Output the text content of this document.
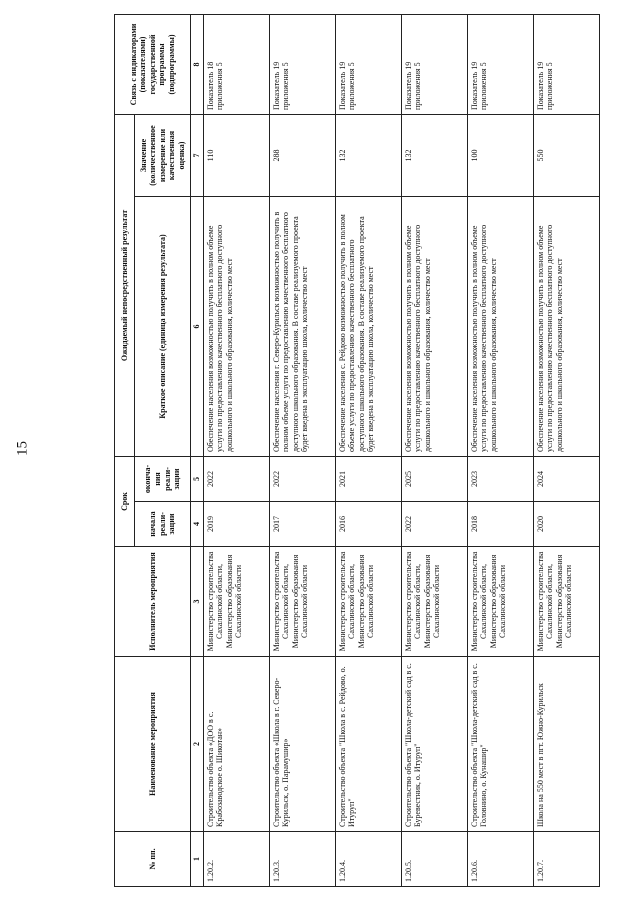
№ пп.	Наименование мероприятия	Исполнитель мероприятия	Срок		Ожидаемый непосредственный результат		Связь с индикаторами (показателями) государственной программы (подпрограммы)
			начала реали-зации	оконча-ния реали-зации	Краткое описание (единица измерения результата)	Значение (количественное измерение или качественная оценка)	
1	2	3	4	5	6	7	8
1.20.2.	Строительство объекта «ДОО в с. Крабозаводское о. Шикотан»	Министерство строительства Сахалинской области, Министерство образования Сахалинской области	2019	2022	Обеспечение населения возможностью получить в полном объеме услуги по предоставлению качественного бесплатного доступного дошкольного и школьного образования, количество мест	110	Показатель 18 приложения 5
1.20.3.	Строительство объекта «Школа в г. Северо-Курильск, о. Парамушир»	Министерство строительства Сахалинской области, Министерство образования Сахалинской области	2017	2022	Обеспечение населения г. Северо-Курильск возможностью получить в полном объеме услуги по предоставлению качественного бесплатного доступного школьного образования. В составе реализуемого проекта будет введена в эксплуатацию школа, количество мест	288	Показатель 19 приложения 5
1.20.4.	Строительство объекта "Школа в с. Рейдово, о. Итуруп"	Министерство строительства Сахалинской области, Министерство образования Сахалинской области	2016	2021	Обеспечение населения с. Рейдово возможностью получить в полном объеме услуги по предоставлению качественного бесплатного доступного школьного образования. В составе реализуемого проекта будет введена в эксплуатацию школа, количество мест	132	Показатель 19 приложения 5
1.20.5.	Строительство объекта "Школа-детский сад в с. Буревестник, о. Итуруп"	Министерство строительства Сахалинской области, Министерство образования Сахалинской области	2022	2025	Обеспечение населения возможностью получить в полном объеме услуги по предоставлению качественного бесплатного доступного дошкольного и школьного образования, количество мест	132	Показатель 19 приложения 5
1.20.6.	Строительство объекта "Школа-детский сад в с. Головнино, о. Кунашир"	Министерство строительства Сахалинской области, Министерство образования Сахалинской области	2018	2023	Обеспечение населения возможностью получить в полном объеме услуги по предоставлению качественного бесплатного доступного дошкольного и школьного образования, количество мест	100	Показатель 19 приложения 5
1.20.7.	Школа на 550 мест в пгт. Южно-Курильск	Министерство строительства Сахалинской области, Министерство образования Сахалинской области	2020	2024	Обеспечение населения возможностью получить в полном объеме услуги по предоставлению качественного бесплатного доступного дошкольного и школьного образования, количество мест	550	Показатель 19 приложения 5
15
